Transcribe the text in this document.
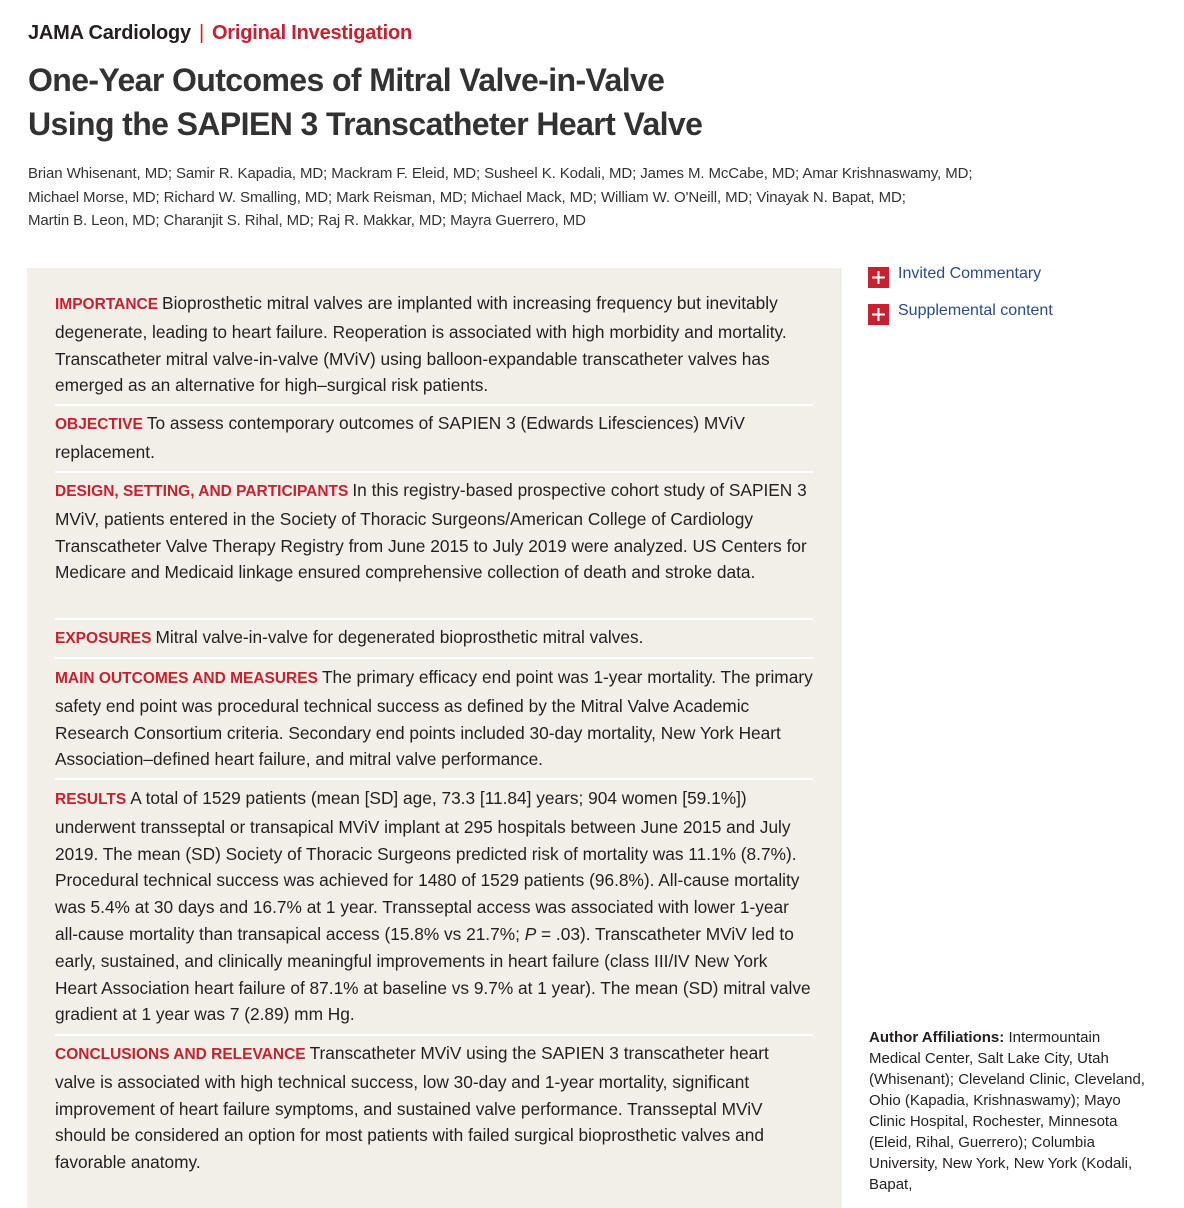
JAMA Cardiology | Original Investigation
One-Year Outcomes of Mitral Valve-in-Valve
Using the SAPIEN 3 Transcatheter Heart Valve
Brian Whisenant, MD; Samir R. Kapadia, MD; Mackram F. Eleid, MD; Susheel K. Kodali, MD; James M. McCabe, MD; Amar Krishnaswamy, MD;
Michael Morse, MD; Richard W. Smalling, MD; Mark Reisman, MD; Michael Mack, MD; William W. O'Neill, MD; Vinayak N. Bapat, MD;
Martin B. Leon, MD; Charanjit S. Rihal, MD; Raj R. Makkar, MD; Mayra Guerrero, MD
IMPORTANCE Bioprosthetic mitral valves are implanted with increasing frequency but inevitably degenerate, leading to heart failure. Reoperation is associated with high morbidity and mortality. Transcatheter mitral valve-in-valve (MViV) using balloon-expandable transcatheter valves has emerged as an alternative for high–surgical risk patients.
OBJECTIVE To assess contemporary outcomes of SAPIEN 3 (Edwards Lifesciences) MViV replacement.
DESIGN, SETTING, AND PARTICIPANTS In this registry-based prospective cohort study of SAPIEN 3 MViV, patients entered in the Society of Thoracic Surgeons/American College of Cardiology Transcatheter Valve Therapy Registry from June 2015 to July 2019 were analyzed. US Centers for Medicare and Medicaid linkage ensured comprehensive collection of death and stroke data.
EXPOSURES Mitral valve-in-valve for degenerated bioprosthetic mitral valves.
MAIN OUTCOMES AND MEASURES The primary efficacy end point was 1-year mortality. The primary safety end point was procedural technical success as defined by the Mitral Valve Academic Research Consortium criteria. Secondary end points included 30-day mortality, New York Heart Association–defined heart failure, and mitral valve performance.
RESULTS A total of 1529 patients (mean [SD] age, 73.3 [11.84] years; 904 women [59.1%]) underwent transseptal or transapical MViV implant at 295 hospitals between June 2015 and July 2019. The mean (SD) Society of Thoracic Surgeons predicted risk of mortality was 11.1% (8.7%). Procedural technical success was achieved for 1480 of 1529 patients (96.8%). All-cause mortality was 5.4% at 30 days and 16.7% at 1 year. Transseptal access was associated with lower 1-year all-cause mortality than transapical access (15.8% vs 21.7%; P = .03). Transcatheter MViV led to early, sustained, and clinically meaningful improvements in heart failure (class III/IV New York Heart Association heart failure of 87.1% at baseline vs 9.7% at 1 year). The mean (SD) mitral valve gradient at 1 year was 7 (2.89) mm Hg.
CONCLUSIONS AND RELEVANCE Transcatheter MViV using the SAPIEN 3 transcatheter heart valve is associated with high technical success, low 30-day and 1-year mortality, significant improvement of heart failure symptoms, and sustained valve performance. Transseptal MViV should be considered an option for most patients with failed surgical bioprosthetic valves and favorable anatomy.
Invited Commentary
Supplemental content
Author Affiliations: Intermountain Medical Center, Salt Lake City, Utah (Whisenant); Cleveland Clinic, Cleveland, Ohio (Kapadia, Krishnaswamy); Mayo Clinic Hospital, Rochester, Minnesota (Eleid, Rihal, Guerrero); Columbia University, New York, New York (Kodali, Bapat,
